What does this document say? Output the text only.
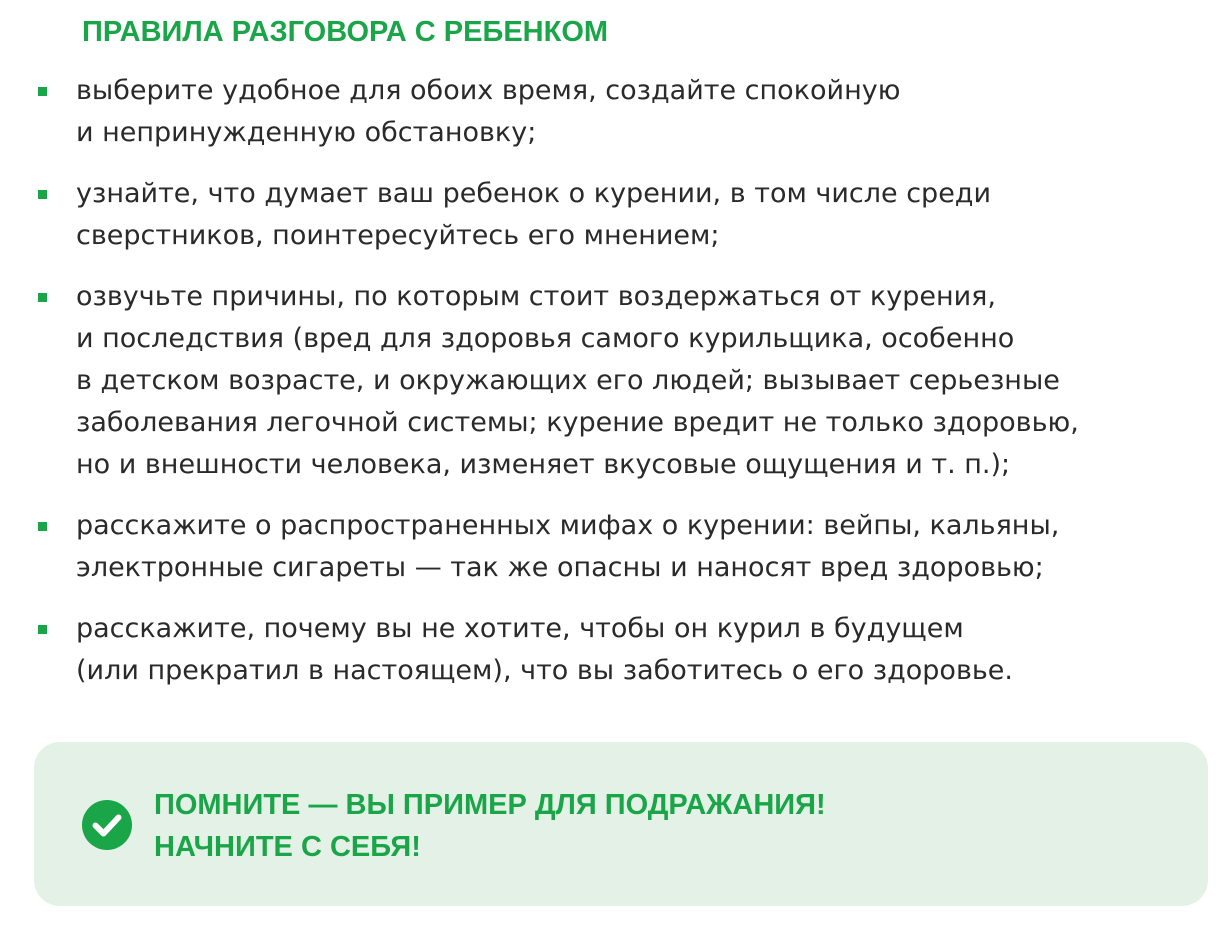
ПРАВИЛА РАЗГОВОРА С РЕБЕНКОМ
выберите удобное для обоих время, создайте спокойную
и непринужденную обстановку;
узнайте, что думает ваш ребенок о курении, в том числе среди
сверстников, поинтересуйтесь его мнением;
озвучьте причины, по которым стоит воздержаться от курения,
и последствия (вред для здоровья самого курильщика, особенно
в детском возрасте, и окружающих его людей; вызывает серьезные
заболевания легочной системы; курение вредит не только здоровью,
но и внешности человека, изменяет вкусовые ощущения и т. п.);
расскажите о распространенных мифах о курении: вейпы, кальяны,
электронные сигареты — так же опасны и наносят вред здоровью;
расскажите, почему вы не хотите, чтобы он курил в будущем
(или прекратил в настоящем), что вы заботитесь о его здоровье.
ПОМНИТЕ — ВЫ ПРИМЕР ДЛЯ ПОДРАЖАНИЯ!
НАЧНИТЕ С СЕБЯ!
